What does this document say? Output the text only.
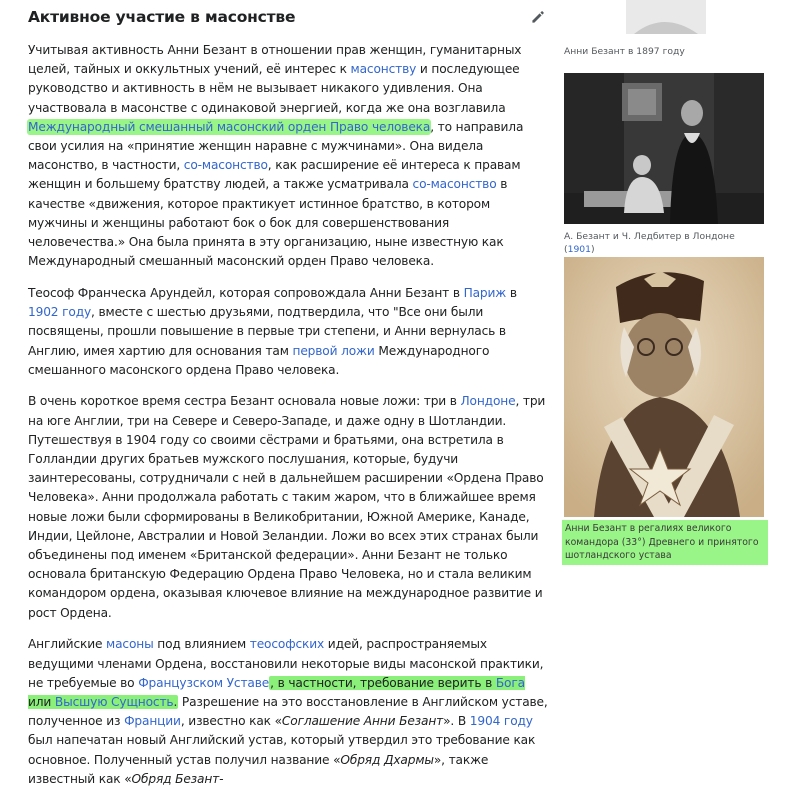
Активное участие в масонстве

Учитывая активность Анни Безант в отношении прав женщин, гуманитарных целей, тайных и оккультных учений, её интерес к масонству и последующее руководство и активность в нём не вызывает никакого удивления. Она участвовала в масонстве с одинаковой энергией, когда же она возглавила Международный смешанный масонский орден Право человека, то направила свои усилия на «принятие женщин наравне с мужчинами». Она видела масонство, в частности, со-масонство, как расширение её интереса к правам женщин и большему братству людей, а также усматривала со-масонство в качестве «движения, которое практикует истинное братство, в котором мужчины и женщины работают бок о бок для совершенствования человечества.» Она была принята в эту организацию, ныне известную как Международный смешанный масонский орден Право человека.

Теософ Франческа Арундейл, которая сопровождала Анни Безант в Париж в 1902 году, вместе с шестью друзьями, подтвердила, что "Все они были посвящены, прошли повышение в первые три степени, и Анни вернулась в Англию, имея хартию для основания там первой ложи Международного смешанного масонского ордена Право человека.

В очень короткое время сестра Безант основала новые ложи: три в Лондоне, три на юге Англии, три на Севере и Северо-Западе, и даже одну в Шотландии. Путешествуя в 1904 году со своими сёстрами и братьями, она встретила в Голландии других братьев мужского послушания, которые, будучи заинтересованы, сотрудничали с ней в дальнейшем расширении «Ордена Право Человека». Анни продолжала работать с таким жаром, что в ближайшее время новые ложи были сформированы в Великобритании, Южной Америке, Канаде, Индии, Цейлоне, Австралии и Новой Зеландии. Ложи во всех этих странах были объединены под именем «Британской федерации». Анни Безант не только основала британскую Федерацию Ордена Право Человека, но и стала великим командором ордена, оказывая ключевое влияние на международное развитие и рост Ордена.

Английские масоны под влиянием теософских идей, распространяемых ведущими членами Ордена, восстановили некоторые виды масонской практики, не требуемые во Французском Уставе, в частности, требование верить в Бога или Высшую Сущность. Разрешение на это восстановление в Английском уставе, полученное из Франции, известно как «Соглашение Анни Безант». В 1904 году был напечатан новый Английский устав, который утвердил это требование как основное. Полученный устав получил название «Обряд Дхармы», также известный как «Обряд Безант-

Анни Безант в 1897 году
А. Безант и Ч. Ледбитер в Лондоне (1901)
Анни Безант в регалиях великого командора (33°) Древнего и принятого шотландского устава
